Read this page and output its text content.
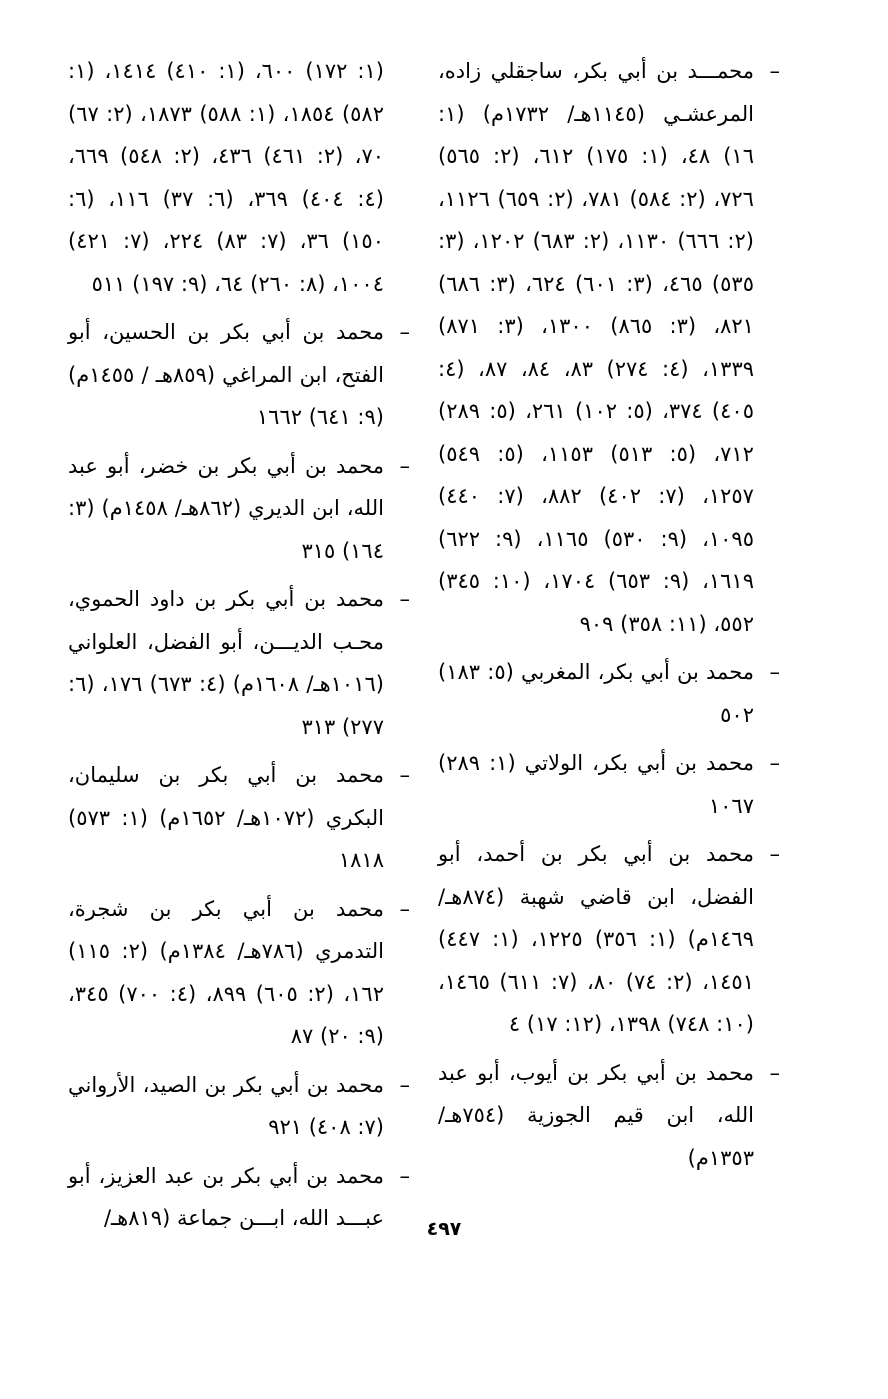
–
محمـــد بن أبي بكر، ساجقلي زاده، المرعشـي (١١٤٥هـ/ ١٧٣٢م) (١: ١٦) ٤٨، (١: ١٧٥) ٦١٢، (٢: ٥٦٥) ٧٢٦، (٢: ٥٨٤) ٧٨١، (٢: ٦٥٩) ١١٢٦، (٢: ٦٦٦) ١١٣٠، (٢: ٦٨٣) ١٢٠٢، (٣: ٥٣٥) ٤٦٥، (٣: ٦٠١) ٦٢٤، (٣: ٦٨٦) ٨٢١، (٣: ٨٦٥) ١٣٠٠، (٣: ٨٧١) ١٣٣٩، (٤: ٢٧٤) ٨٣، ٨٤، ٨٧، (٤: ٤٠٥) ٣٧٤، (٥: ١٠٢) ٢٦١، (٥: ٢٨٩) ٧١٢، (٥: ٥١٣) ١١٥٣، (٥: ٥٤٩) ١٢٥٧، (٧: ٤٠٢) ٨٨٢، (٧: ٤٤٠) ١٠٩٥، (٩: ٥٣٠) ١١٦٥، (٩: ٦٢٢) ١٦١٩، (٩: ٦٥٣) ١٧٠٤، (١٠: ٣٤٥) ٥٥٢، (١١: ٣٥٨) ٩٠٩

–
محمد بن أبي بكر، المغربي (٥: ١٨٣) ٥٠٢

–
محمد بن أبي بكر، الولاتي (١: ٢٨٩) ١٠٦٧

–
محمد بن أبي بكر بن أحمد، أبو الفضل، ابن قاضي شهبة (٨٧٤هـ/ ١٤٦٩م) (١: ٣٥٦) ١٢٢٥، (١: ٤٤٧) ١٤٥١، (٢: ٧٤) ٨٠، (٧: ٦١١) ١٤٦٥، (١٠: ٧٤٨) ١٣٩٨، (١٢: ١٧) ٤

–
محمد بن أبي بكر بن أيوب، أبو عبد الله، ابن قيم الجوزية (٧٥٤هـ/ ١٣٥٣م)

(١: ١٧٢) ٦٠٠، (١: ٤١٠) ١٤١٤، (١: ٥٨٢) ١٨٥٤، (١: ٥٨٨) ١٨٧٣، (٢: ٦٧) ٧٠، (٢: ٤٦١) ٤٣٦، (٢: ٥٤٨) ٦٦٩، (٤: ٤٠٤) ٣٦٩، (٦: ٣٧) ١١٦، (٦: ١٥٠) ٣٦، (٧: ٨٣) ٢٢٤، (٧: ٤٢١) ١٠٠٤، (٨: ٢٦٠) ٦٤، (٩: ١٩٧) ٥١١

–
محمد بن أبي بكر بن الحسين، أبو الفتح، ابن المراغي (٨٥٩هـ / ١٤٥٥م) (٩: ٦٤١) ١٦٦٢

–
محمد بن أبي بكر بن خضر، أبو عبد الله، ابن الديري (٨٦٢هـ/ ١٤٥٨م) (٣: ١٦٤) ٣١٥

–
محمد بن أبي بكر بن داود الحموي، محـب الديـــن، أبو الفضل، العلواني (١٠١٦هـ/ ١٦٠٨م) (٤: ٦٧٣) ١٧٦، (٦: ٢٧٧) ٣١٣

–
محمد بن أبي بكر بن سليمان، البكري (١٠٧٢هـ/ ١٦٥٢م) (١: ٥٧٣) ١٨١٨

–
محمد بن أبي بكر بن شجرة، التدمري (٧٨٦هـ/ ١٣٨٤م) (٢: ١١٥) ١٦٢، (٢: ٦٠٥) ٨٩٩، (٤: ٧٠٠) ٣٤٥، (٩: ٢٠) ٨٧

–
محمد بن أبي بكر بن الصيد، الأرواني (٧: ٤٠٨) ٩٢١

–
محمد بن أبي بكر بن عبد العزيز، أبو عبـــد الله، ابـــن جماعة (٨١٩هـ/	٤٩٧
